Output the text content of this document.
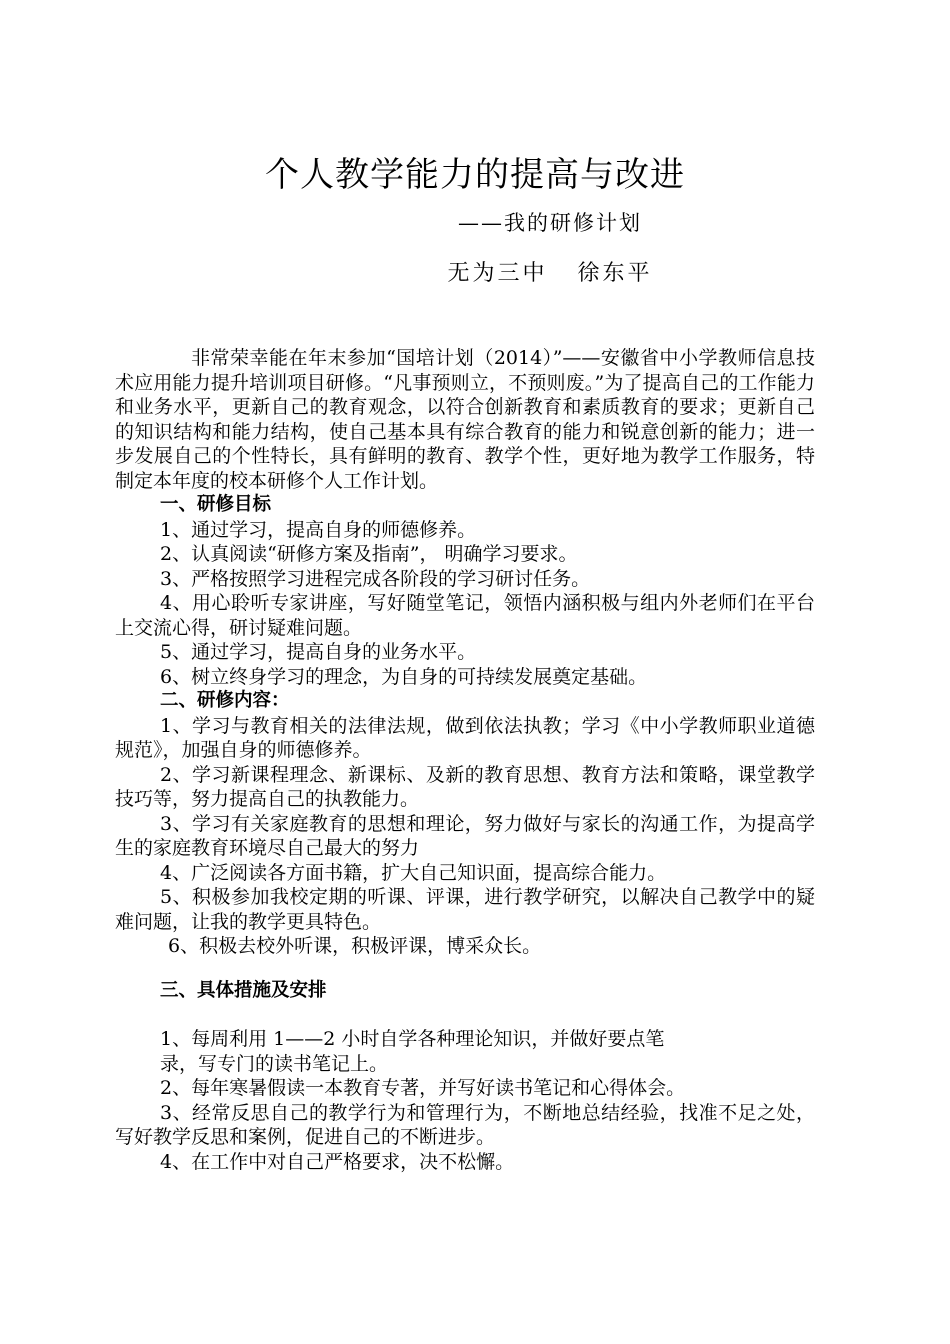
个人教学能力的提高与改进
——我的研修计划
无为三中   徐东平

非常荣幸能在年末参加“国培计划（2014）”——安徽省中小学教师信息技术应用能力提升培训项目研修。“凡事预则立，不预则废。”为了提高自己的工作能力和业务水平，更新自己的教育观念，以符合创新教育和素质教育的要求；更新自己的知识结构和能力结构，使自己基本具有综合教育的能力和锐意创新的能力；进一步发展自己的个性特长，具有鲜明的教育、教学个性，更好地为教学工作服务，特制定本年度的校本研修个人工作计划。

一、研修目标

1、通过学习，提高自身的师德修养。

2、认真阅读“研修方案及指南”， 明确学习要求。

3、严格按照学习进程完成各阶段的学习研讨任务。

4、用心聆听专家讲座，写好随堂笔记，领悟内涵积极与组内外老师们在平台上交流心得，研讨疑难问题。

5、通过学习，提高自身的业务水平。

6、树立终身学习的理念，为自身的可持续发展奠定基础。

二、研修内容：

1、学习与教育相关的法律法规，做到依法执教；学习《中小学教师职业道德规范》，加强自身的师德修养。

2、学习新课程理念、新课标、及新的教育思想、教育方法和策略，课堂教学技巧等，努力提高自己的执教能力。

3、学习有关家庭教育的思想和理论，努力做好与家长的沟通工作，为提高学生的家庭教育环境尽自己最大的努力

4、广泛阅读各方面书籍，扩大自己知识面，提高综合能力。

5、积极参加我校定期的听课、评课，进行教学研究，以解决自己教学中的疑难问题，让我的教学更具特色。

6、积极去校外听课，积极评课，博采众长。

三、具体措施及安排

1、每周利用 1——2 小时自学各种理论知识，并做好要点笔

录，写专门的读书笔记上。

2、每年寒暑假读一本教育专著，并写好读书笔记和心得体会。

3、经常反思自己的教学行为和管理行为，不断地总结经验，找准不足之处，写好教学反思和案例，促进自己的不断进步。

4、在工作中对自己严格要求，决不松懈。
